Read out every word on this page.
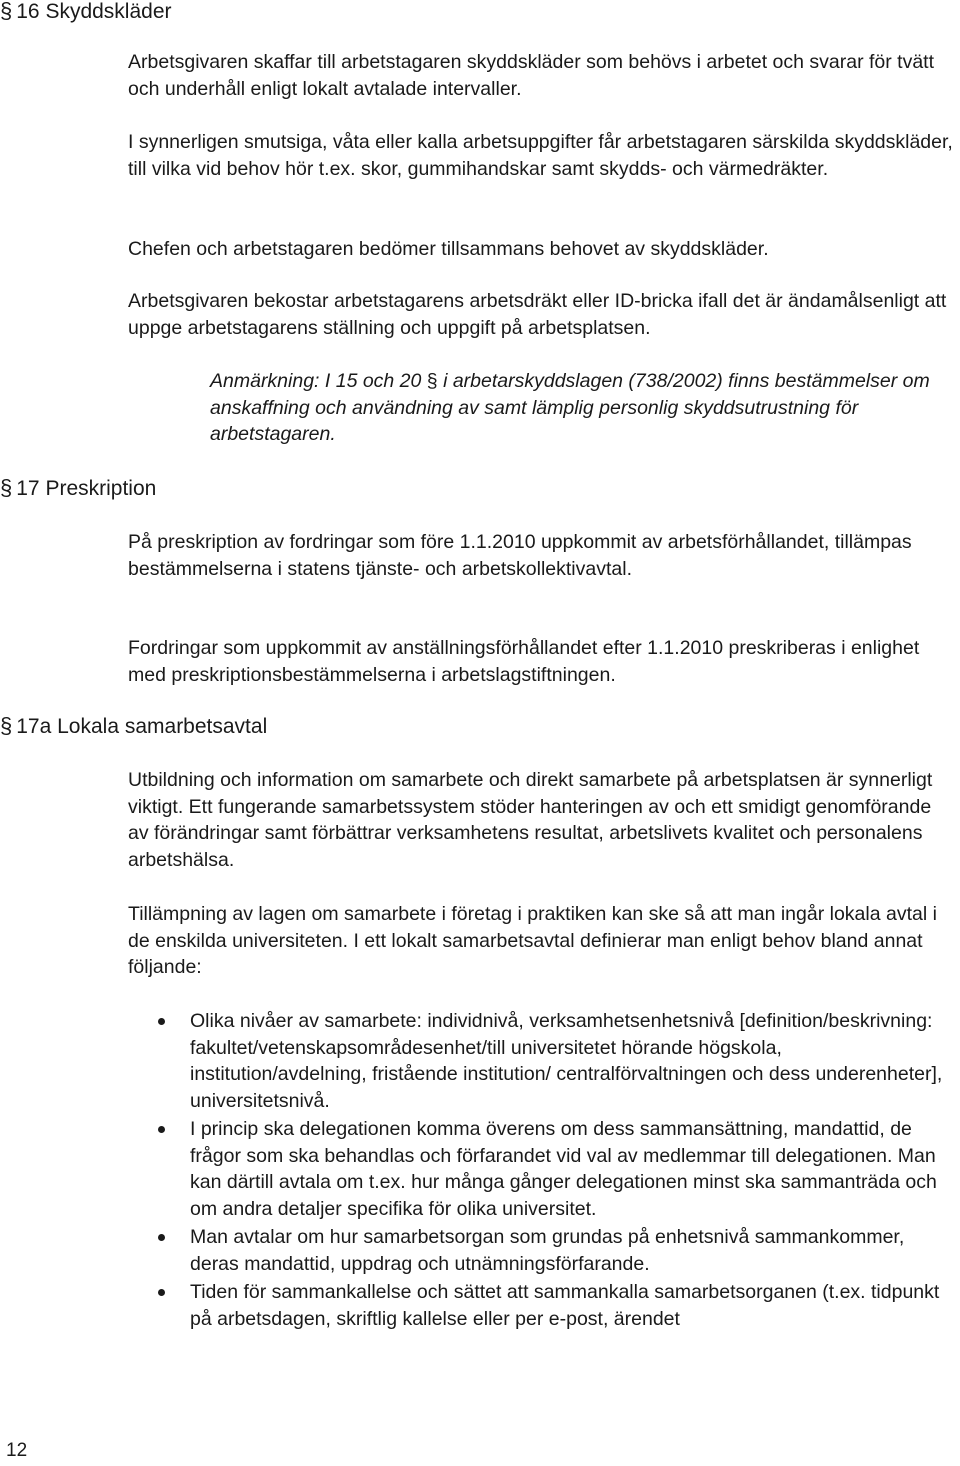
§ 16 Skyddskläder

Arbetsgivaren skaffar till arbetstagaren skyddskläder som behövs i arbetet och svarar för tvätt och underhåll enligt lokalt avtalade intervaller.

I synnerligen smutsiga, våta eller kalla arbetsuppgifter får arbetstagaren särskilda skyddskläder, till vilka vid behov hör t.ex. skor, gummihandskar samt skydds- och värmedräkter.

Chefen och arbetstagaren bedömer tillsammans behovet av skyddskläder.

Arbetsgivaren bekostar arbetstagarens arbetsdräkt eller ID-bricka ifall det är ändamålsenligt att uppge arbetstagarens ställning och uppgift på arbetsplatsen.

Anmärkning: I 15 och 20 § i arbetarskyddslagen (738/2002) finns bestämmelser om anskaffning och användning av samt lämplig personlig skyddsutrustning för arbetstagaren.

§ 17 Preskription

På preskription av fordringar som före 1.1.2010 uppkommit av arbetsförhållandet, tillämpas bestämmelserna i statens tjänste- och arbetskollektivavtal.

Fordringar som uppkommit av anställningsförhållandet efter 1.1.2010 preskriberas i enlighet med preskriptionsbestämmelserna i arbetslagstiftningen.

§ 17a Lokala samarbetsavtal

Utbildning och information om samarbete och direkt samarbete på arbetsplatsen är synnerligt viktigt. Ett fungerande samarbetssystem stöder hanteringen av och ett smidigt genomförande av förändringar samt förbättrar verksamhetens resultat, arbetslivets kvalitet och personalens arbetshälsa.

Tillämpning av lagen om samarbete i företag i praktiken kan ske så att man ingår lokala avtal i de enskilda universiteten. I ett lokalt samarbetsavtal definierar man enligt behov bland annat följande:

Olika nivåer av samarbete: individnivå, verksamhetsenhetsnivå [definition/beskrivning: fakultet/vetenskapsområdesenhet/till universitetet hörande högskola, institution/avdelning, fristående institution/ centralförvaltningen och dess underenheter], universitetsnivå.
I princip ska delegationen komma överens om dess sammansättning, mandattid, de frågor som ska behandlas och förfarandet vid val av medlemmar till delegationen. Man kan därtill avtala om t.ex. hur många gånger delegationen minst ska sammanträda och om andra detaljer specifika för olika universitet.
Man avtalar om hur samarbetsorgan som grundas på enhetsnivå sammankommer, deras mandattid, uppdrag och utnämningsförfarande.
Tiden för sammankallelse och sättet att sammankalla samarbetsorganen (t.ex. tidpunkt på arbetsdagen, skriftlig kallelse eller per e-post, ärendet

12
